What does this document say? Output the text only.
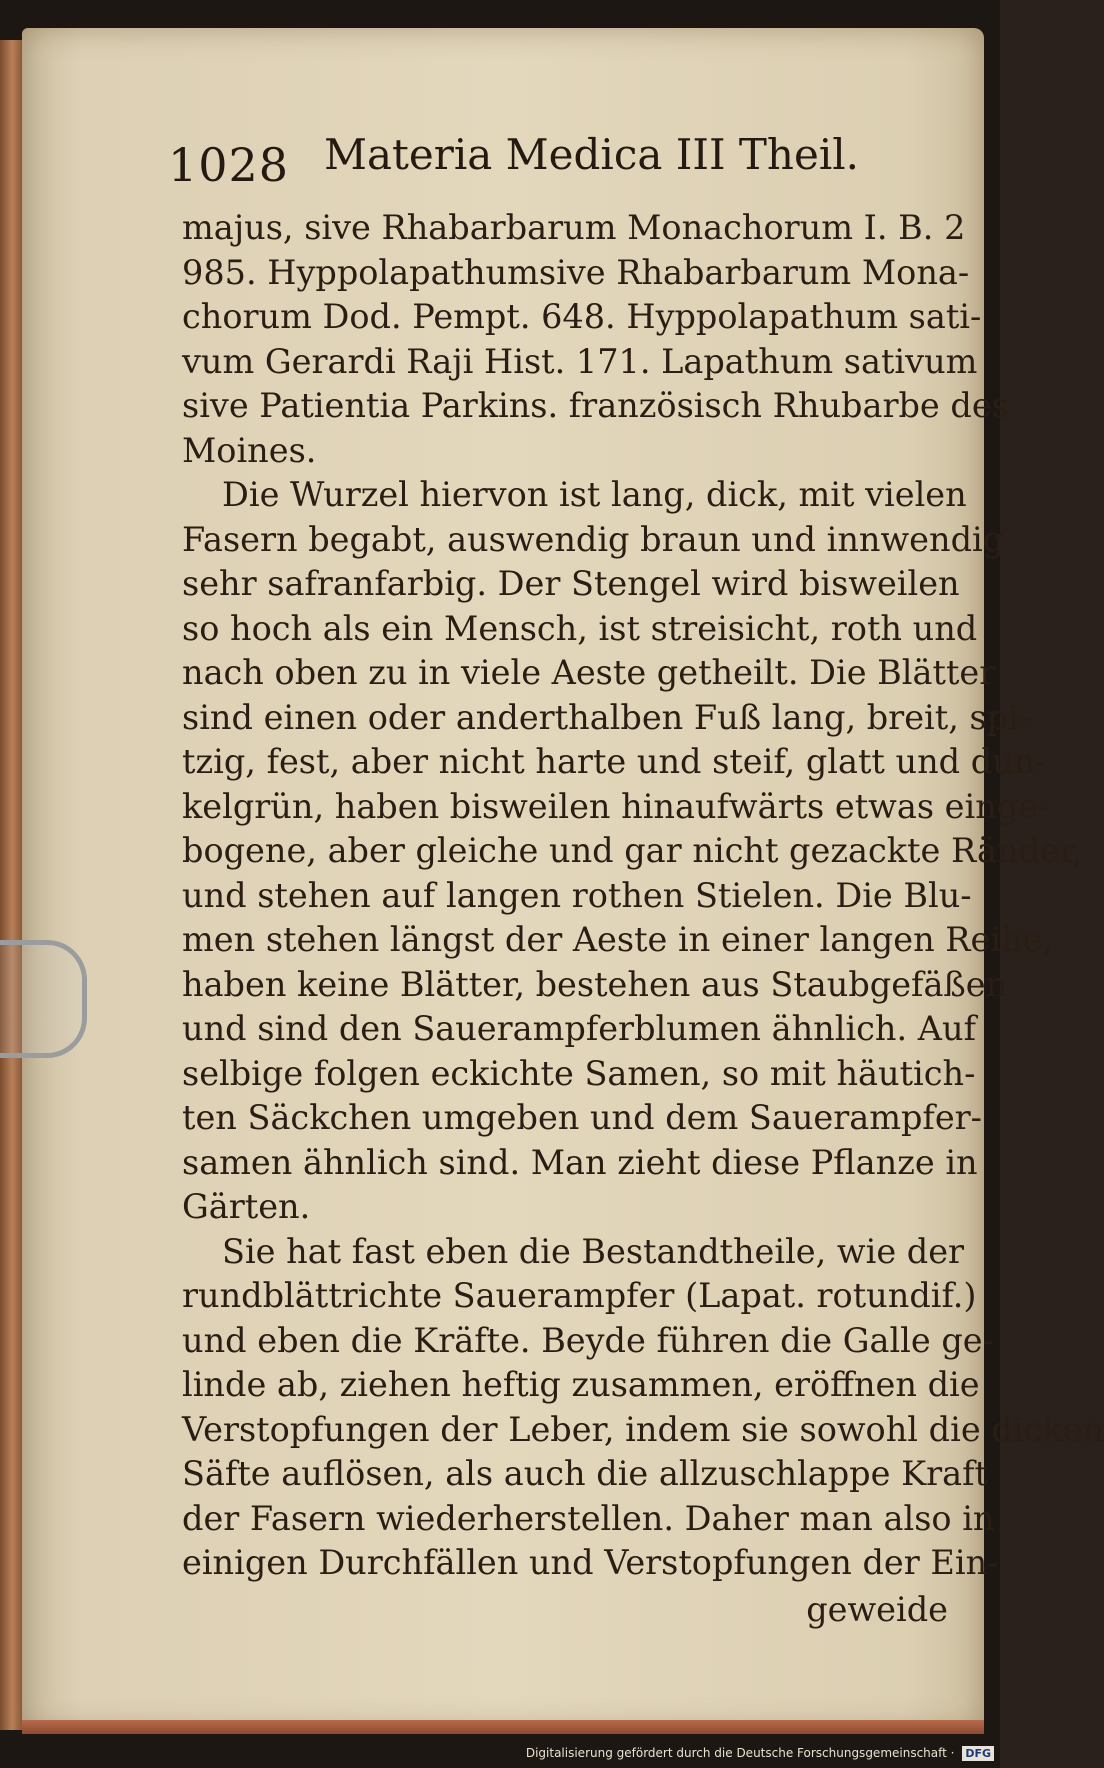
1028 Materia Medica III Theil.
majus, sive Rhabarbarum Monachorum I. B. 2
985. Hyppolapathumsive Rhabarbarum Mona-
chorum Dod. Pempt. 648. Hyppolapathum sati-
vum Gerardi Raji Hist. 171. Lapathum sativum
sive Patientia Parkins. französisch Rhubarbe des
Moines.
Die Wurzel hiervon ist lang, dick, mit vielen
Fasern begabt, auswendig braun und innwendig
sehr safranfarbig. Der Stengel wird bisweilen
so hoch als ein Mensch, ist streisicht, roth und
nach oben zu in viele Aeste getheilt. Die Blätter
sind einen oder anderthalben Fuß lang, breit, spi-
tzig, fest, aber nicht harte und steif, glatt und dun-
kelgrün, haben bisweilen hinaufwärts etwas einge-
bogene, aber gleiche und gar nicht gezackte Ränder,
und stehen auf langen rothen Stielen. Die Blu-
men stehen längst der Aeste in einer langen Reihe,
haben keine Blätter, bestehen aus Staubgefäßen
und sind den Sauerampferblumen ähnlich. Auf
selbige folgen eckichte Samen, so mit häutich-
ten Säckchen umgeben und dem Sauerampfer-
samen ähnlich sind. Man zieht diese Pflanze in
Gärten.
Sie hat fast eben die Bestandtheile, wie der
rundblättrichte Sauerampfer (Lapat. rotundif.)
und eben die Kräfte. Beyde führen die Galle ge-
linde ab, ziehen heftig zusammen, eröffnen die
Verstopfungen der Leber, indem sie sowohl die dicken
Säfte auflösen, als auch die allzuschlappe Kraft
der Fasern wiederherstellen. Daher man also in
einigen Durchfällen und Verstopfungen der Ein-
geweide
Digitalisierung gefördert durch die Deutsche Forschungsgemeinschaft · DFG
